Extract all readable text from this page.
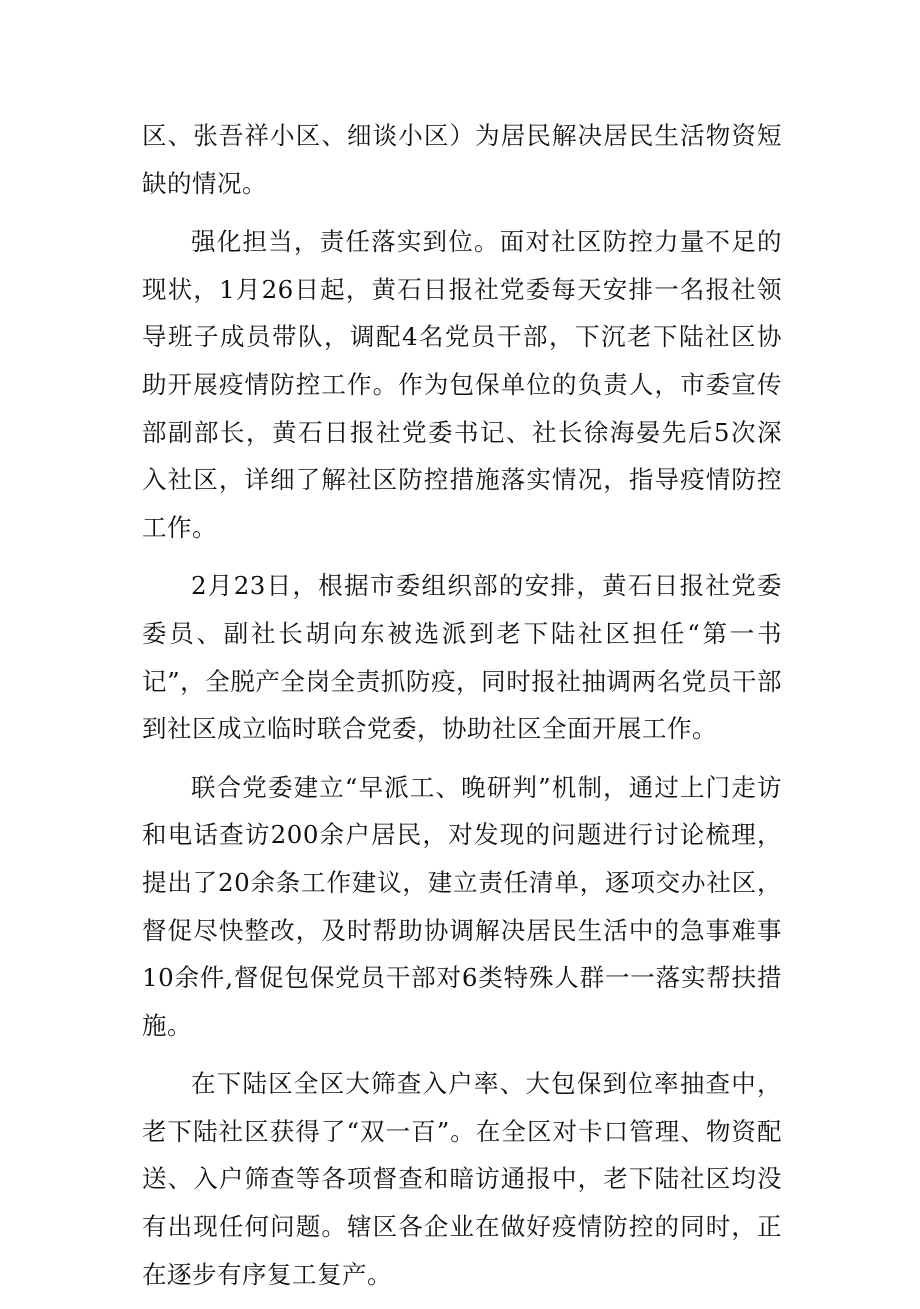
区、张吾祥小区、细谈小区）为居民解决居民生活物资短缺的情况。

强化担当，责任落实到位。面对社区防控力量不足的现状，1月26日起，黄石日报社党委每天安排一名报社领导班子成员带队，调配4名党员干部，下沉老下陆社区协助开展疫情防控工作。作为包保单位的负责人，市委宣传部副部长，黄石日报社党委书记、社长徐海晏先后5次深入社区，详细了解社区防控措施落实情况，指导疫情防控工作。

2月23日，根据市委组织部的安排，黄石日报社党委委员、副社长胡向东被选派到老下陆社区担任“第一书记”，全脱产全岗全责抓防疫，同时报社抽调两名党员干部到社区成立临时联合党委，协助社区全面开展工作。

联合党委建立“早派工、晚研判”机制，通过上门走访和电话查访200余户居民，对发现的问题进行讨论梳理，提出了20余条工作建议，建立责任清单，逐项交办社区，督促尽快整改，及时帮助协调解决居民生活中的急事难事10余件,督促包保党员干部对6类特殊人群一一落实帮扶措施。

在下陆区全区大筛查入户率、大包保到位率抽查中，老下陆社区获得了“双一百”。在全区对卡口管理、物资配送、入户筛查等各项督查和暗访通报中，老下陆社区均没有出现任何问题。辖区各企业在做好疫情防控的同时，正在逐步有序复工复产。
